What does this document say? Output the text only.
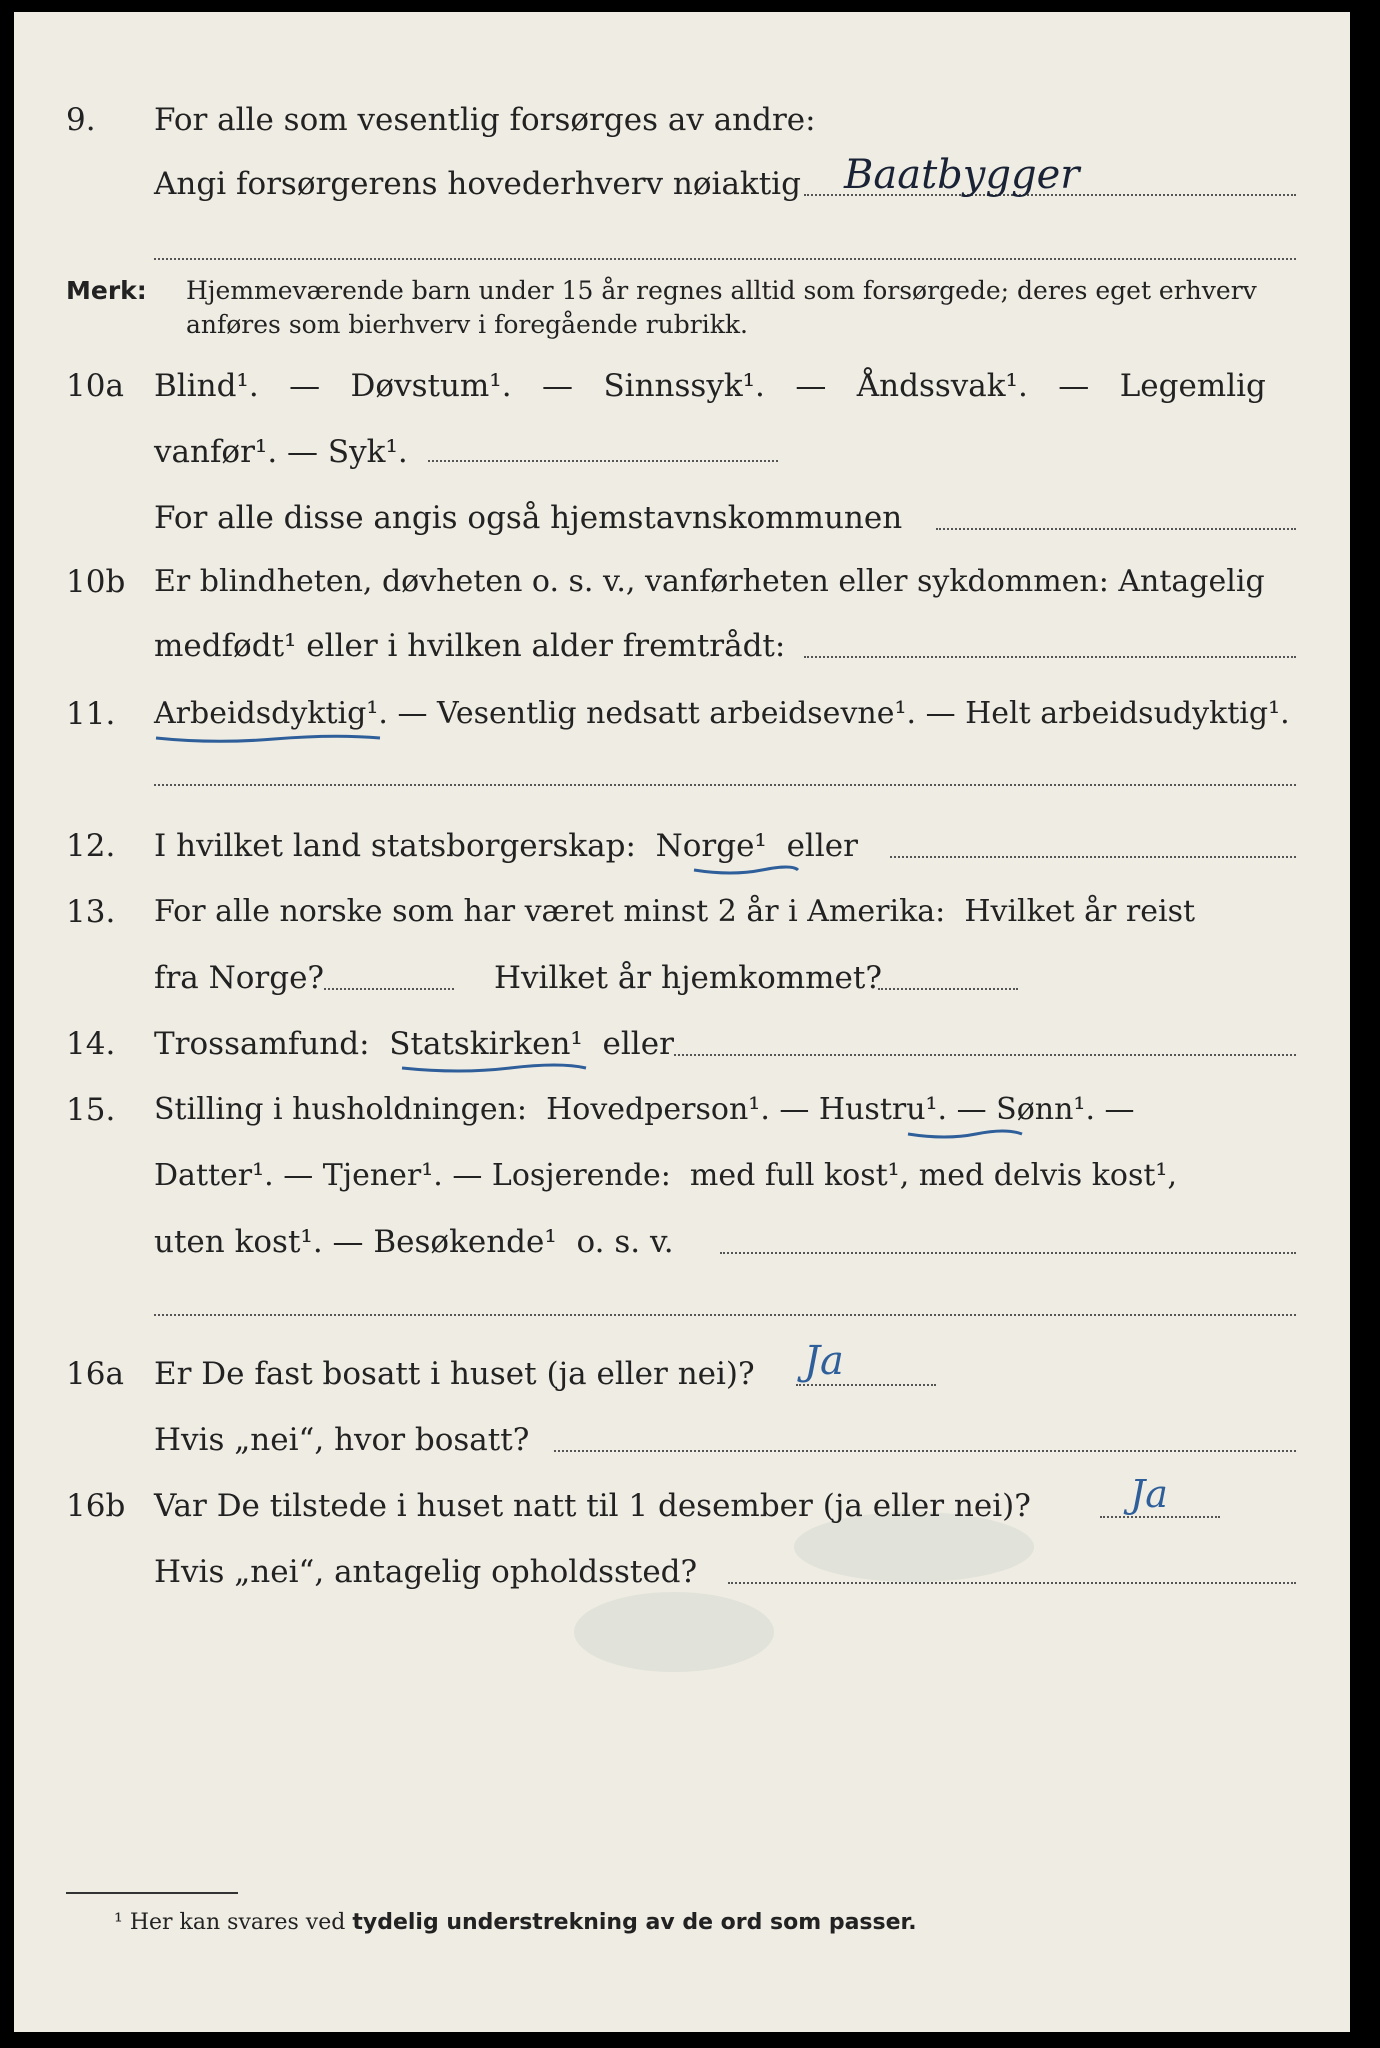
9. For alle som vesentlig forsørges av andre:
Angi forsørgerens hovederhverv nøiaktig Baatbygger
Merk: Hjemmeværende barn under 15 år regnes alltid som forsørgede; deres eget erhverv anføres som bierhverv i foregående rubrikk.
10a Blind¹. — Døvstum¹. — Sinnssyk¹. — Åndssvak¹. — Legemlig
vanfør¹. — Syk¹.
For alle disse angis også hjemstavnskommunen
10b Er blindheten, døvheten o. s. v., vanførheten eller sykdommen: Antagelig
medfødt¹ eller i hvilken alder fremtrådt:
11. Arbeidsdyktig¹. — Vesentlig nedsatt arbeidsevne¹. — Helt arbeidsudyktig¹.
12. I hvilket land statsborgerskap:  Norge¹  eller
13. For alle norske som har været minst 2 år i Amerika:  Hvilket år reist
fra Norge?	Hvilket år hjemkommet?
14. Trossamfund:  Statskirken¹  eller
15. Stilling i husholdningen:  Hovedperson¹. — Hustru¹. — Sønn¹. —
Datter¹. — Tjener¹. — Losjerende:  med full kost¹, med delvis kost¹,
uten kost¹. — Besøkende¹  o. s. v.
16a Er De fast bosatt i huset (ja eller nei)? Ja
Hvis „nei“, hvor bosatt?
16b Var De tilstede i huset natt til 1 desember (ja eller nei)?	Ja
Hvis „nei“, antagelig opholdssted?
¹ Her kan svares ved tydelig understrekning av de ord som passer.
